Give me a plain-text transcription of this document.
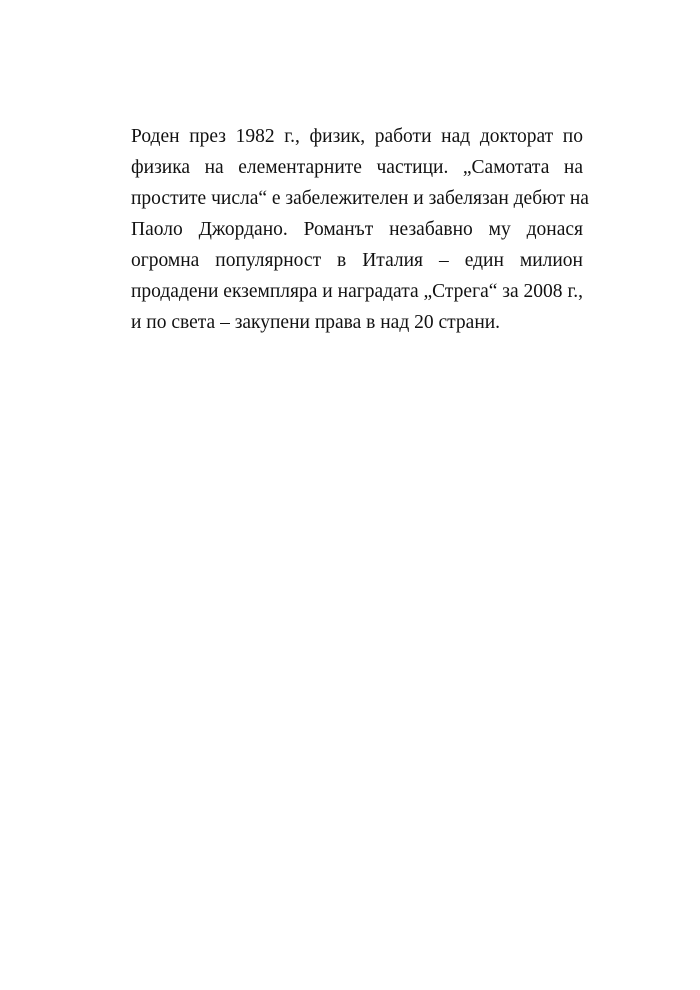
Роден през 1982 г., физик, работи над докторат по
физика на елементарните частици. „Самотата на
простите числа“ е забележителен и забелязан дебют на
Паоло Джордано. Романът незабавно му донася
огромна популярност в Италия – един милион
продадени екземпляра и наградата „Стрега“ за 2008 г.,
и по света – закупени права в над 20 страни.
